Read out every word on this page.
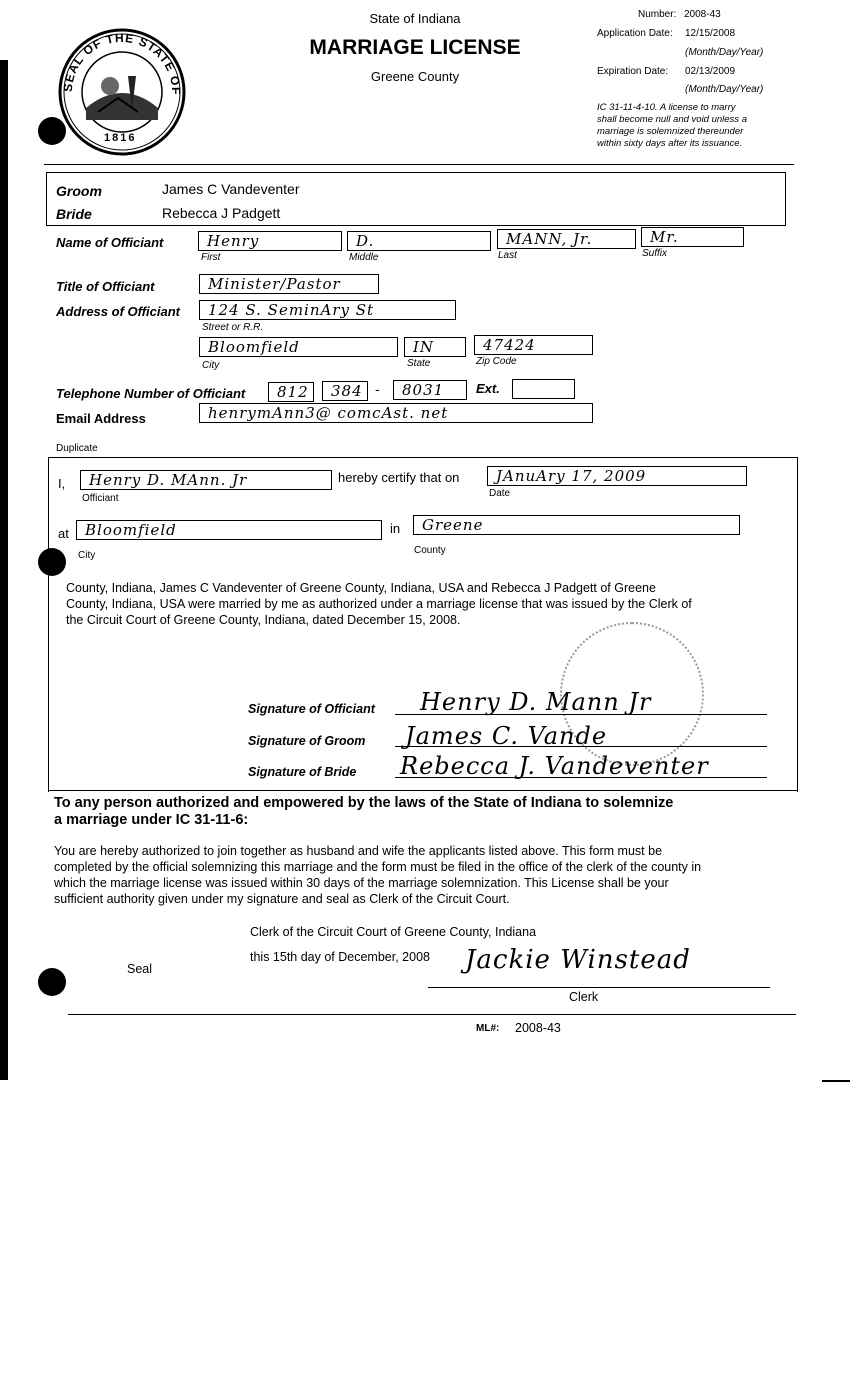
SEAL OF THE STATE OF
1816
State of Indiana
MARRIAGE LICENSE
Greene County
Number: 2008-43
Application Date: 12/15/2008
(Month/Day/Year)
Expiration Date: 02/13/2009
(Month/Day/Year)
IC 31-11-4-10. A license to marry
shall become null and void unless a
marriage is solemnized thereunder
within sixty days after its issuance.
Groom	James C Vandeventer
Bride	Rebecca J Padgett
Name of Officiant	Henry	D.	MANN, Jr.	Mr.
First	Middle	Last	Suffix
Title of Officiant	Minister/Pastor
Address of Officiant 124 S. SeminAry St
Street or R.R.
Bloomfield	IN	47424
City	State	Zip Code
Telephone Number of Officiant 812 384 - 8031 Ext.
Email Address	henrymAnn3@ comcAst. net
Duplicate
I, Henry D. MAnn. Jr
Officiant
hereby certify that on JAnuAry 17, 2009
Date
at Bloomfield	in Greene
City	County
County, Indiana, James C Vandeventer of Greene County, Indiana, USA and Rebecca J Padgett of Greene
County, Indiana, USA were married by me as authorized under a marriage license that was issued by the Clerk of
the Circuit Court of Greene County, Indiana, dated December 15, 2008.
Signature of Officiant Henry D. Mann Jr
Signature of Groom James C. Vande
Signature of Bride Rebecca J. Vandeventer
To any person authorized and empowered by the laws of the State of Indiana to solemnize
a marriage under IC 31-11-6:
You are hereby authorized to join together as husband and wife the applicants listed above. This form must be
completed by the official solemnizing this marriage and the form must be filed in the office of the clerk of the county in
which the marriage license was issued within 30 days of the marriage solemnization. This License shall be your
sufficient authority given under my signature and seal as Clerk of the Circuit Court.
Clerk of the Circuit Court of Greene County, Indiana
Seal
this 15th day of December, 2008 Jackie Winstead
Clerk
ML#: 2008-43
